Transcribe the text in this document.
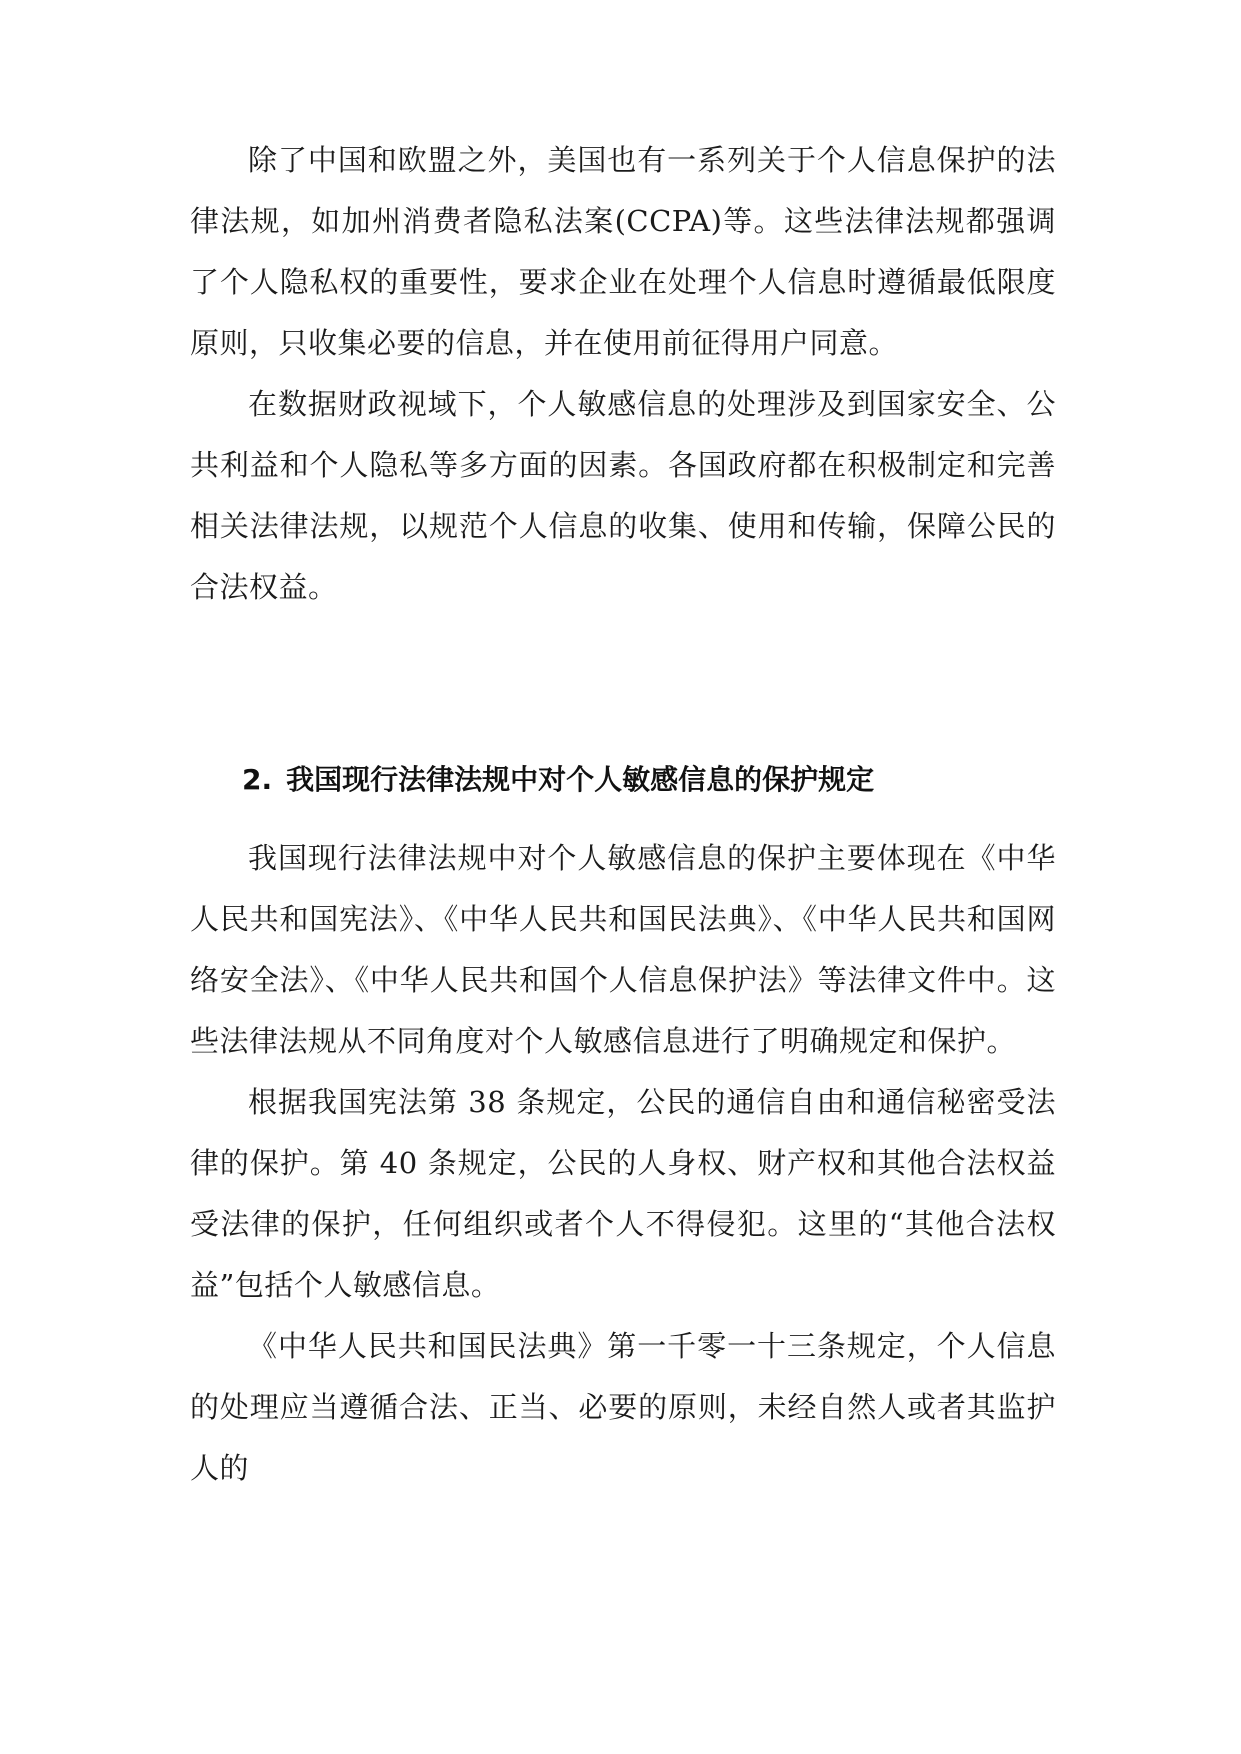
除了中国和欧盟之外，美国也有一系列关于个人信息保护的法律法规，如加州消费者隐私法案(CCPA)等。这些法律法规都强调了个人隐私权的重要性，要求企业在处理个人信息时遵循最低限度原则，只收集必要的信息，并在使用前征得用户同意。

在数据财政视域下，个人敏感信息的处理涉及到国家安全、公共利益和个人隐私等多方面的因素。各国政府都在积极制定和完善相关法律法规，以规范个人信息的收集、使用和传输，保障公民的合法权益。

2. 我国现行法律法规中对个人敏感信息的保护规定

我国现行法律法规中对个人敏感信息的保护主要体现在《中华人民共和国宪法》、《中华人民共和国民法典》、《中华人民共和国网络安全法》、《中华人民共和国个人信息保护法》等法律文件中。这些法律法规从不同角度对个人敏感信息进行了明确规定和保护。

根据我国宪法第 38 条规定，公民的通信自由和通信秘密受法律的保护。第 40 条规定，公民的人身权、财产权和其他合法权益受法律的保护，任何组织或者个人不得侵犯。这里的“其他合法权益”包括个人敏感信息。

《中华人民共和国民法典》第一千零一十三条规定，个人信息的处理应当遵循合法、正当、必要的原则，未经自然人或者其监护人的
